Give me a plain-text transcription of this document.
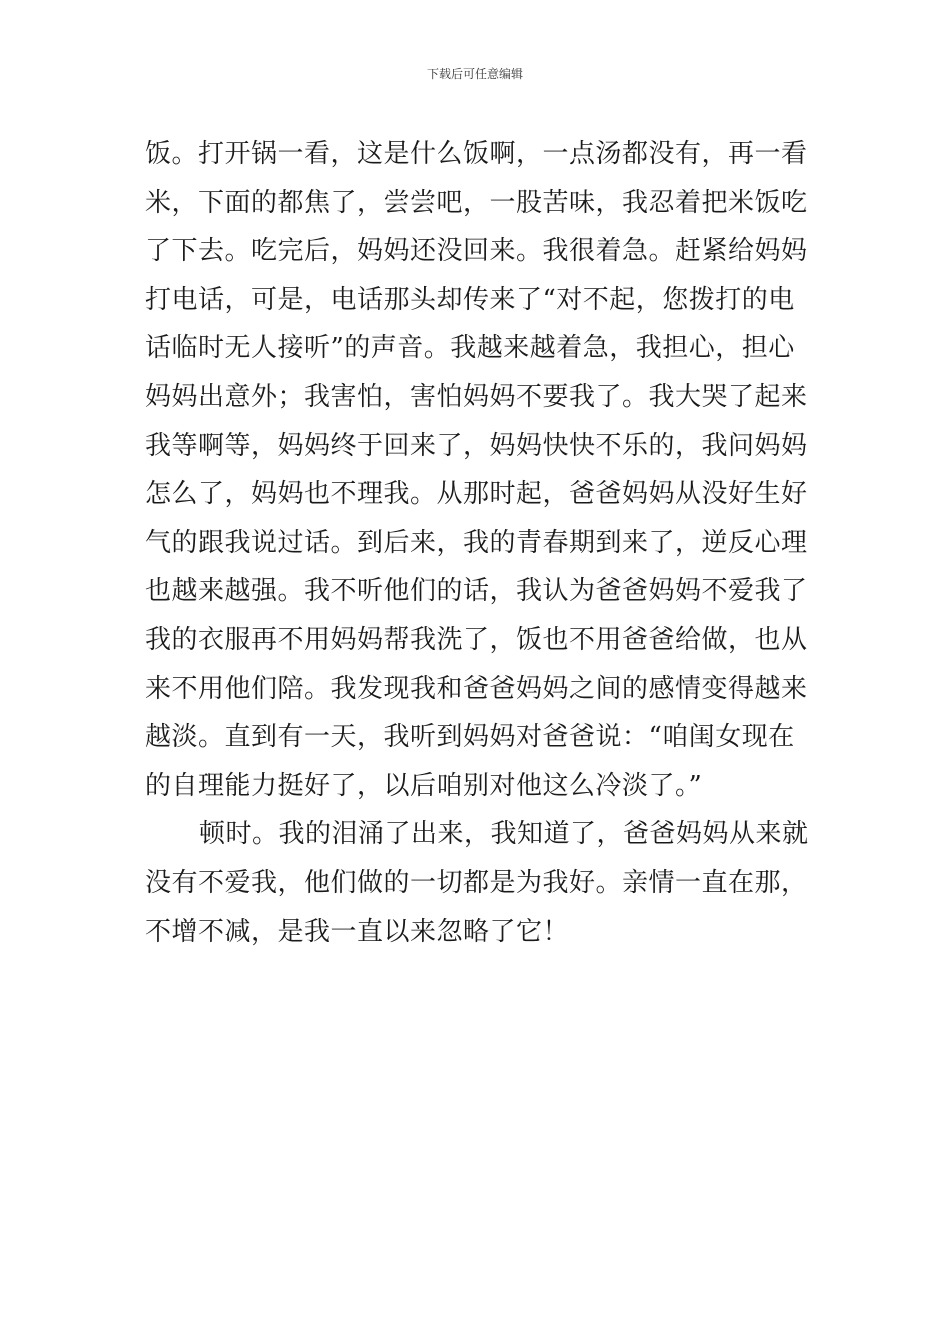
下载后可任意编辑
饭。打开锅一看，这是什么饭啊，一点汤都没有，再一看
米，下面的都焦了，尝尝吧，一股苦味，我忍着把米饭吃
了下去。吃完后，妈妈还没回来。我很着急。赶紧给妈妈
打电话，可是，电话那头却传来了“对不起，您拨打的电
话临时无人接听”的声音。我越来越着急，我担心，担心
妈妈出意外；我害怕，害怕妈妈不要我了。我大哭了起来
我等啊等，妈妈终于回来了，妈妈快快不乐的，我问妈妈
怎么了，妈妈也不理我。从那时起，爸爸妈妈从没好生好
气的跟我说过话。到后来，我的青春期到来了，逆反心理
也越来越强。我不听他们的话，我认为爸爸妈妈不爱我了
我的衣服再不用妈妈帮我洗了，饭也不用爸爸给做，也从
来不用他们陪。我发现我和爸爸妈妈之间的感情变得越来
越淡。直到有一天，我听到妈妈对爸爸说：“咱闺女现在
的自理能力挺好了，以后咱别对他这么冷淡了。”
顿时。我的泪涌了出来，我知道了，爸爸妈妈从来就
没有不爱我，他们做的一切都是为我好。亲情一直在那，
不增不减，是我一直以来忽略了它！
